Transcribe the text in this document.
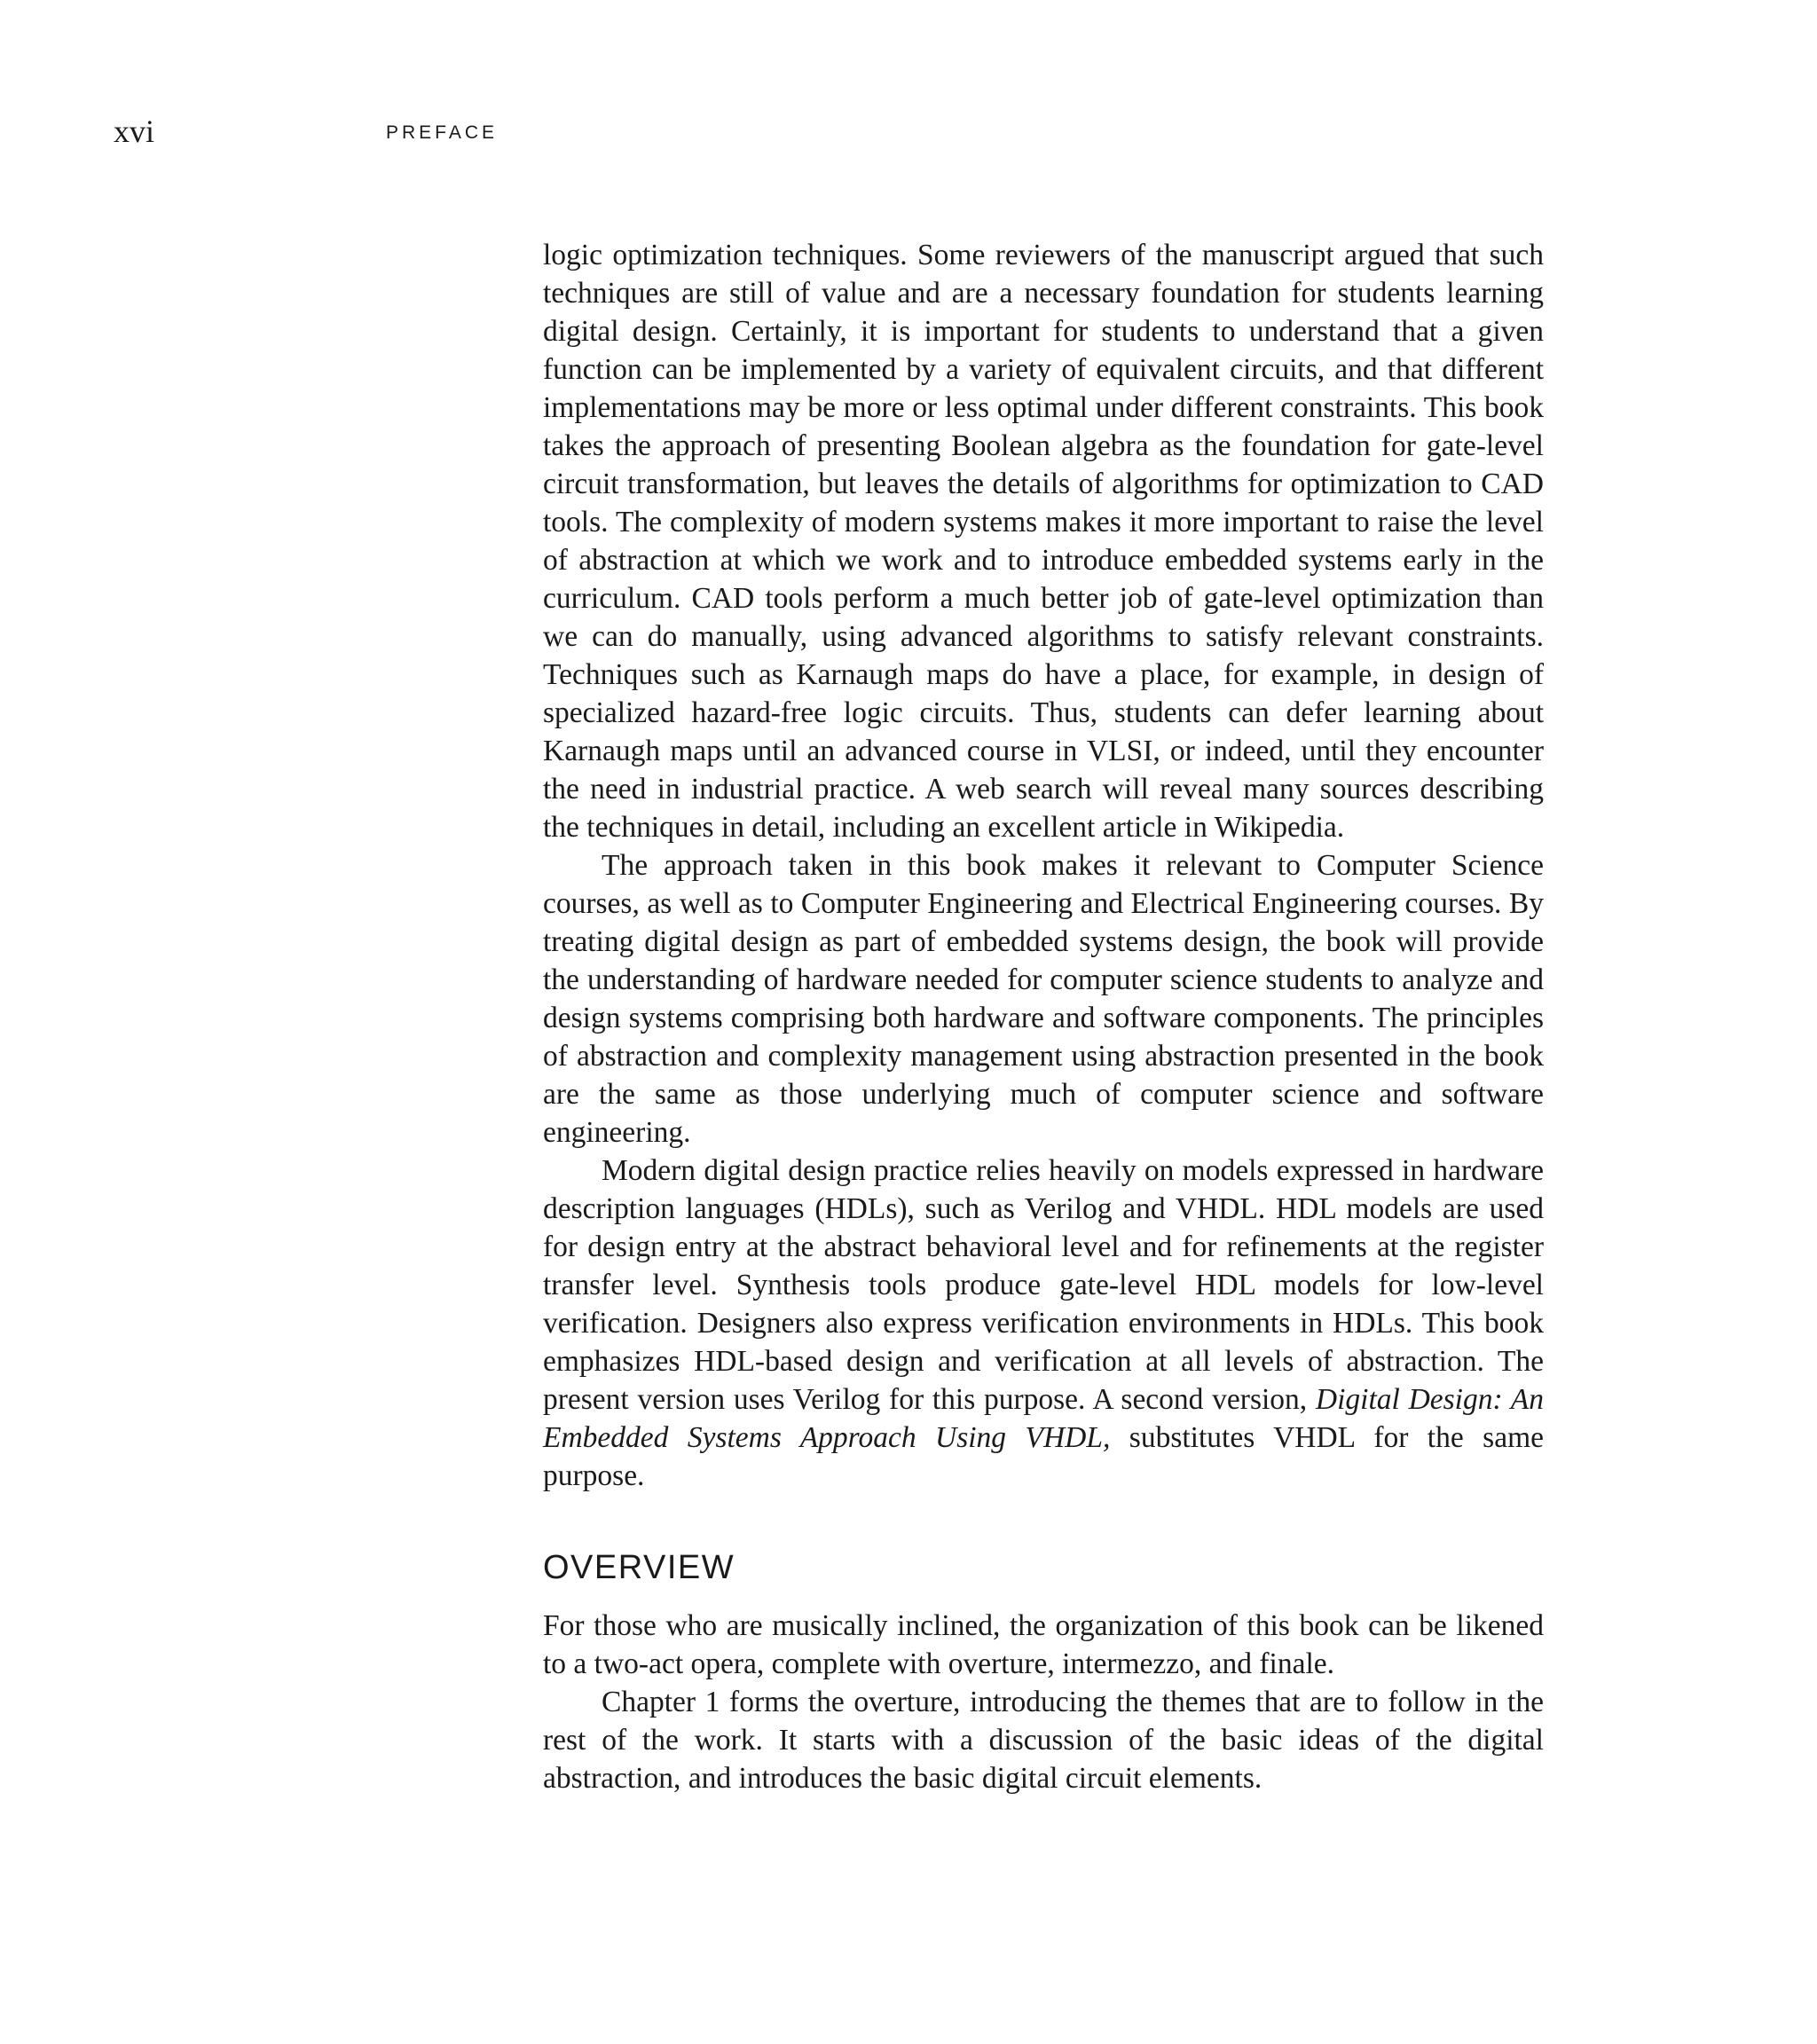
xvi	PREFACE

logic optimization techniques. Some reviewers of the manuscript argued that such techniques are still of value and are a necessary foundation for students learning digital design. Certainly, it is important for students to understand that a given function can be implemented by a variety of equivalent circuits, and that different implementations may be more or less optimal under different constraints. This book takes the approach of presenting Boolean algebra as the foundation for gate-level circuit transformation, but leaves the details of algorithms for optimization to CAD tools. The complexity of modern systems makes it more important to raise the level of abstraction at which we work and to introduce embedded systems early in the curriculum. CAD tools perform a much better job of gate-level optimization than we can do manually, using advanced algorithms to satisfy relevant constraints. Techniques such as Karnaugh maps do have a place, for example, in design of specialized hazard-free logic circuits. Thus, students can defer learning about Karnaugh maps until an advanced course in VLSI, or indeed, until they encounter the need in industrial practice. A web search will reveal many sources describing the techniques in detail, including an excellent article in Wikipedia.

The approach taken in this book makes it relevant to Computer Science courses, as well as to Computer Engineering and Electrical Engineering courses. By treating digital design as part of embedded systems design, the book will provide the understanding of hardware needed for computer science students to analyze and design systems comprising both hardware and software components. The principles of abstraction and complexity management using abstraction presented in the book are the same as those underlying much of computer science and software engineering.

Modern digital design practice relies heavily on models expressed in hardware description languages (HDLs), such as Verilog and VHDL. HDL models are used for design entry at the abstract behavioral level and for refinements at the register transfer level. Synthesis tools produce gate-level HDL models for low-level verification. Designers also express verification environments in HDLs. This book emphasizes HDL-based design and verification at all levels of abstraction. The present version uses Verilog for this purpose. A second version, Digital Design: An Embedded Systems Approach Using VHDL, substitutes VHDL for the same purpose.

OVERVIEW

For those who are musically inclined, the organization of this book can be likened to a two-act opera, complete with overture, intermezzo, and finale.

Chapter 1 forms the overture, introducing the themes that are to follow in the rest of the work. It starts with a discussion of the basic ideas of the digital abstraction, and introduces the basic digital circuit elements.
